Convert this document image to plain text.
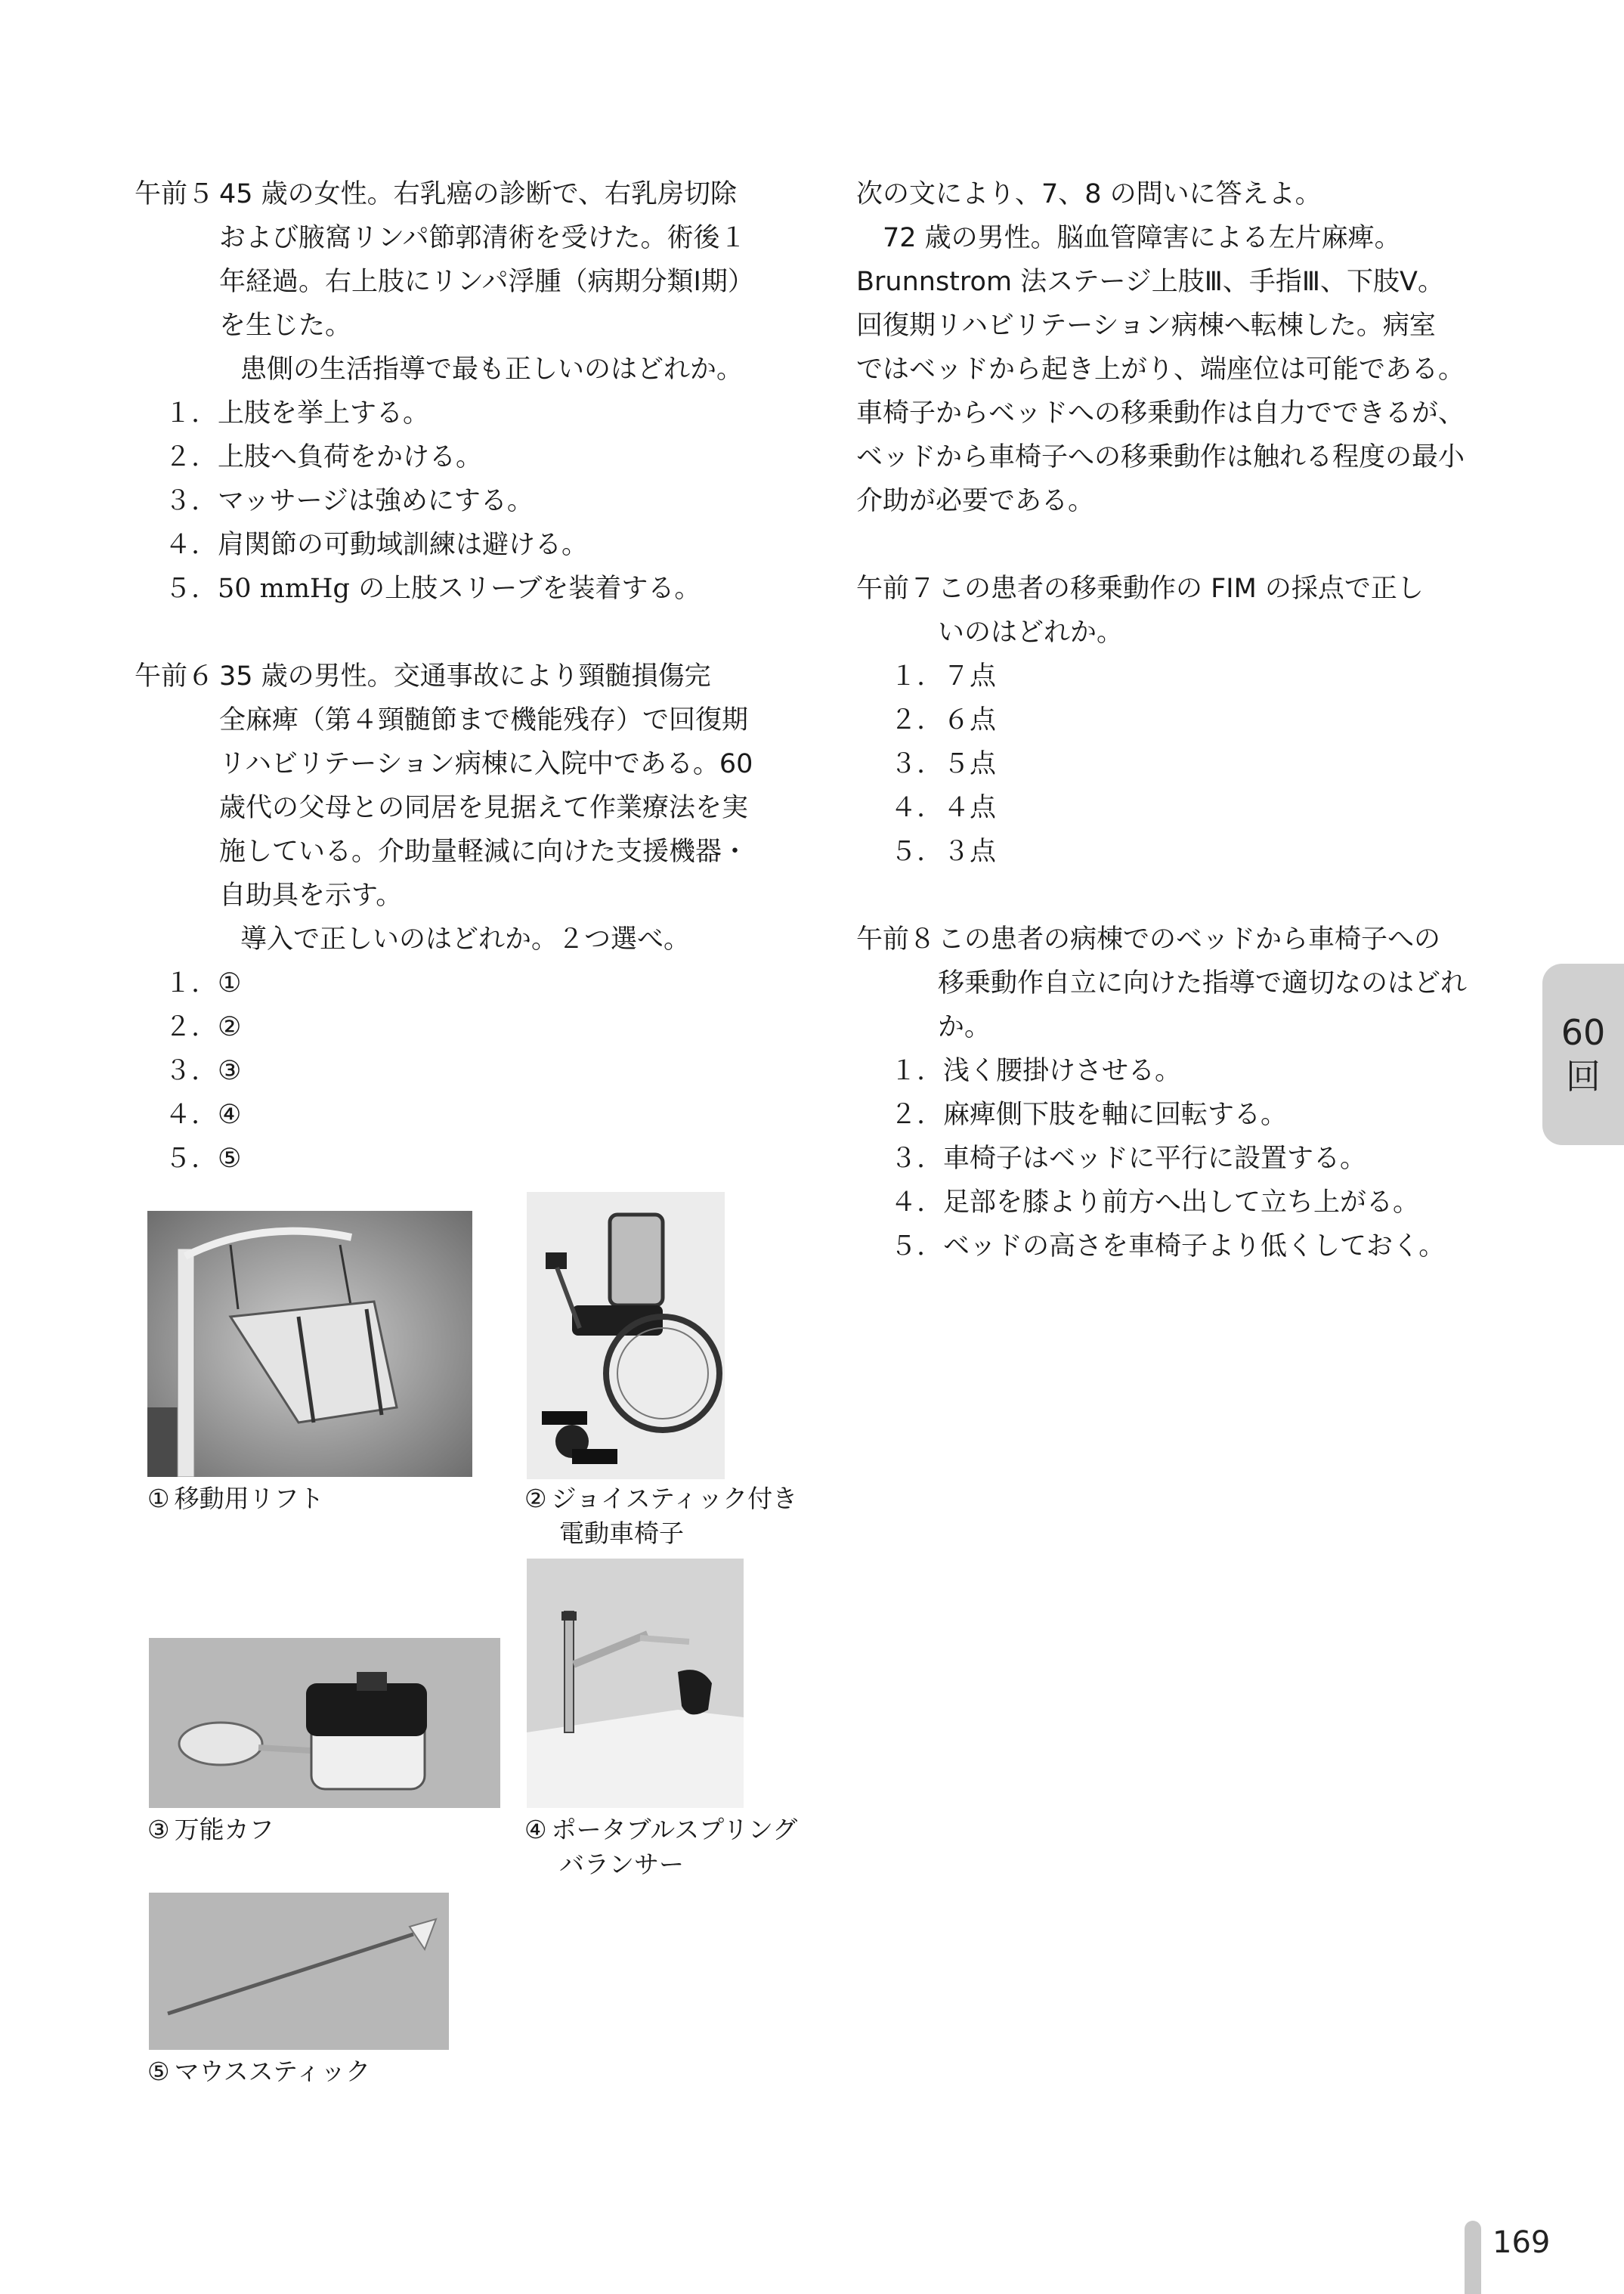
午前５ 45 歳の女性。右乳癌の診断で、右乳房切除
および腋窩リンパ節郭清術を受けた。術後１
年経過。右上肢にリンパ浮腫（病期分類Ⅰ期）
を生じた。
患側の生活指導で最も正しいのはどれか。
１. 上肢を挙上する。
２. 上肢へ負荷をかける。
３. マッサージは強めにする。
４. 肩関節の可動域訓練は避ける。
５. 50 mmHg の上肢スリーブを装着する。
午前６ 35 歳の男性。交通事故により頸髄損傷完
全麻痺（第４頸髄節まで機能残存）で回復期
リハビリテーション病棟に入院中である。60
歳代の父母との同居を見据えて作業療法を実
施している。介助量軽減に向けた支援機器・
自助具を示す。
導入で正しいのはどれか。２つ選べ。
１. ①
２. ②
３. ③
４. ④
５. ⑤
① 移動用リフト	② ジョイスティック付き
電動車椅子
③ 万能カフ	④ ポータブルスプリング
バランサー
⑤ マウススティック
次の文により、7、8 の問いに答えよ。
72 歳の男性。脳血管障害による左片麻痺。
Brunnstrom 法ステージ上肢Ⅲ、手指Ⅲ、下肢Ⅴ。
回復期リハビリテーション病棟へ転棟した。病室
ではベッドから起き上がり、端座位は可能である。
車椅子からベッドへの移乗動作は自力でできるが、
ベッドから車椅子への移乗動作は触れる程度の最小
介助が必要である。
午前７ この患者の移乗動作の FIM の採点で正し
いのはどれか。
１. ７点
２. ６点
３. ５点
４. ４点
５. ３点
午前８ この患者の病棟でのベッドから車椅子への
移乗動作自立に向けた指導で適切なのはどれ
か。
１. 浅く腰掛けさせる。
２. 麻痺側下肢を軸に回転する。
３. 車椅子はベッドに平行に設置する。
４. 足部を膝より前方へ出して立ち上がる。
５. ベッドの高さを車椅子より低くしておく。
60
回
169
